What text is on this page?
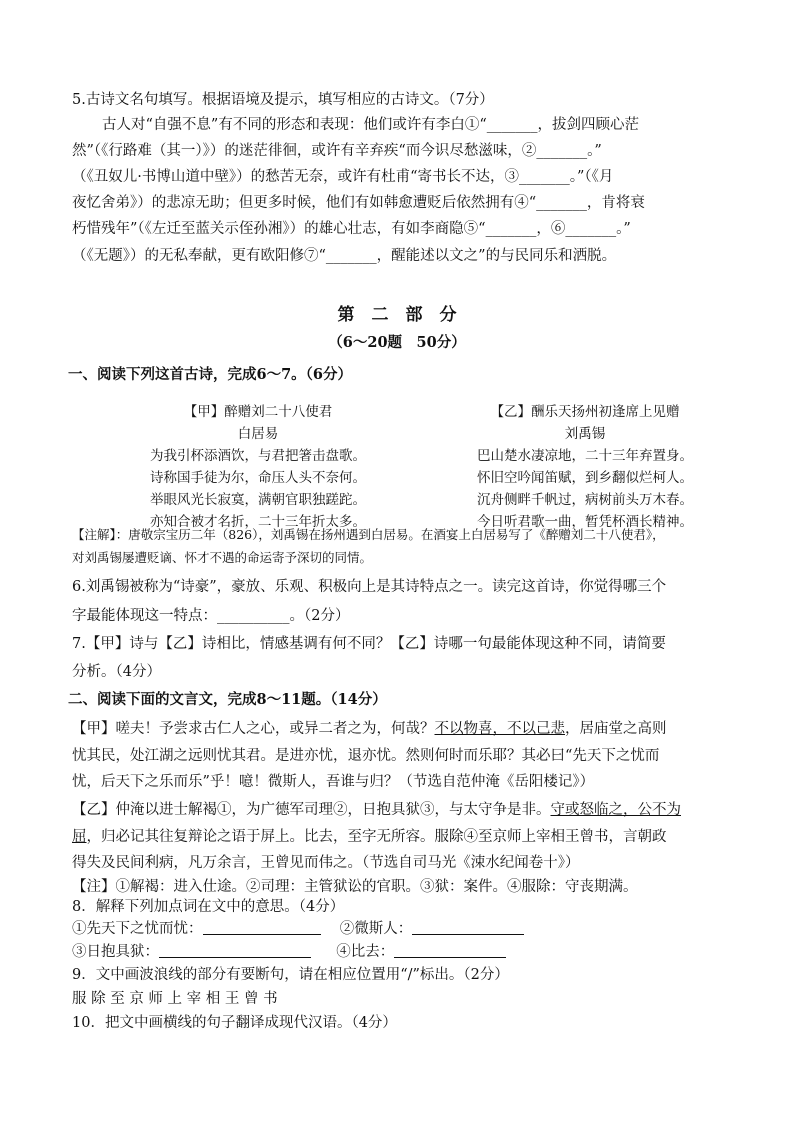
5.古诗文名句填写。根据语境及提示，填写相应的古诗文。（7分）
古人对“自强不息”有不同的形态和表现：他们或许有李白①“_______，拔剑四顾心茫
然”（《行路难（其一）》）的迷茫徘徊，或许有辛弃疾“而今识尽愁滋味，②_______。”
（《丑奴儿·书博山道中壁》）的愁苦无奈，或许有杜甫“寄书长不达，③_______。”（《月
夜忆舍弟》）的悲凉无助；但更多时候，他们有如韩愈遭贬后依然拥有④“_______，肯将衰
朽惜残年”（《左迁至蓝关示侄孙湘》）的雄心壮志，有如李商隐⑤“_______，⑥_______。”
（《无题》）的无私奉献，更有欧阳修⑦“_______，醒能述以文之”的与民同乐和洒脱。
第　二　部　分
（6～20题　50分）
一、阅读下列这首古诗，完成6～7。（6分）
【甲】醉赠刘二十八使君
白居易
为我引杯添酒饮，与君把箸击盘歌。
诗称国手徒为尔，命压人头不奈何。
举眼风光长寂寞，满朝官职独蹉跎。
亦知合被才名折，二十三年折太多。
【乙】酬乐天扬州初逢席上见赠
刘禹锡
巴山楚水凄凉地，二十三年弃置身。
怀旧空吟闻笛赋，到乡翻似烂柯人。
沉舟侧畔千帆过，病树前头万木春。
今日听君歌一曲，暂凭杯酒长精神。
【注解】：唐敬宗宝历二年（826），刘禹锡在扬州遇到白居易。在酒宴上白居易写了《醉赠刘二十八使君》，
对刘禹锡屡遭贬谪、怀才不遇的命运寄予深切的同情。
6.刘禹锡被称为“诗豪”，豪放、乐观、积极向上是其诗特点之一。读完这首诗，你觉得哪三个
字最能体现这一特点：__________。（2分）
7.【甲】诗与【乙】诗相比，情感基调有何不同？【乙】诗哪一句最能体现这种不同，请简要
分析。（4分）
二、阅读下面的文言文，完成8～11题。（14分）
【甲】嗟夫！予尝求古仁人之心，或异二者之为，何哉？不以物喜，不以己悲，居庙堂之高则
忧其民，处江湖之远则忧其君。是进亦忧，退亦忧。然则何时而乐耶？其必曰“先天下之忧而
忧，后天下之乐而乐”乎！噫！微斯人，吾谁与归？（节选自范仲淹《岳阳楼记》）
【乙】仲淹以进士解褐①，为广德军司理②，日抱具狱③，与太守争是非。守或怒临之，公不为
屈，归必记其往复辩论之语于屏上。比去，至字无所容。服除④至京师上宰相王曾书，言朝政
得失及民间利病，凡万余言，王曾见而伟之。（节选自司马光《涑水纪闻卷十》）
【注】①解褐：进入仕途。②司理：主管狱讼的官职。③狱：案件。④服除：守丧期满。
8．解释下列加点词在文中的意思。（4分）
①先天下之忧而忧：	②微斯人：
③日抱具狱：	④比去：
9．文中画波浪线的部分有要断句，请在相应位置用“/”标出。（2分）
服 除 至 京 师 上 宰 相 王 曾 书
10．把文中画横线的句子翻译成现代汉语。（4分）
